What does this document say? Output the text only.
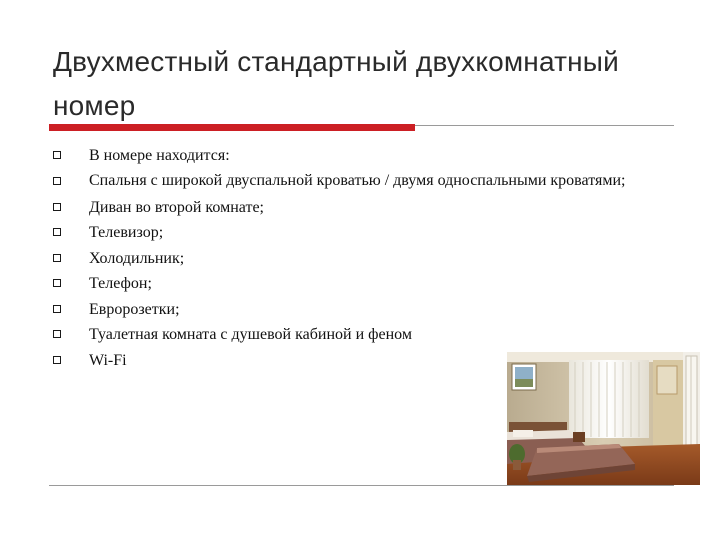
Двухместный стандартный двухкомнатный номер
В номере находится:
Спальня с широкой двуспальной кроватью / двумя односпальными кроватями;
Диван во второй комнате;
Телевизор;
Холодильник;
Телефон;
Евророзетки;
Туалетная комната с душевой кабиной и феном
Wi-Fi
